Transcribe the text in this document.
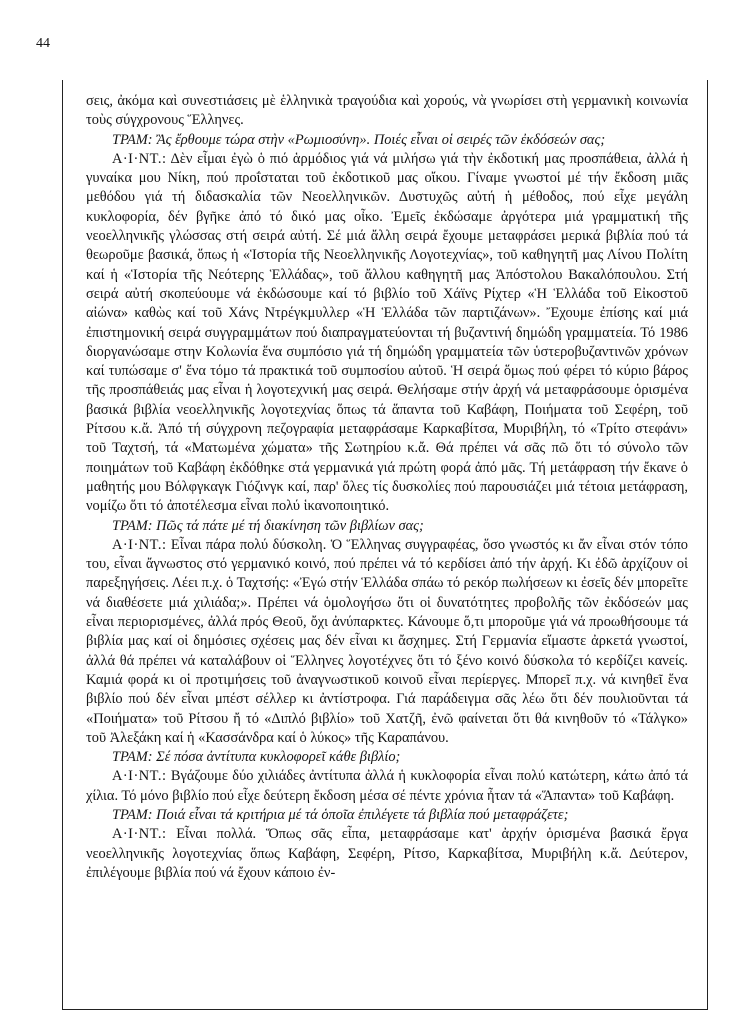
44

σεις, ἀκόμα καὶ συνεστιάσεις μὲ ἑλληνικὰ τραγούδια καὶ χορούς, νὰ γνωρίσει στὴ γερμανικὴ κοινωνία τοὺς σύγχρονους Ἕλληνες.

ΤΡΑΜ: Ἂς ἔρθουμε τώρα στὴν «Ρωμιοσύνη». Ποιές εἶναι οἱ σειρές τῶν ἐκδόσεών σας;

Α·Ι·ΝΤ.: Δὲν εἶμαι ἐγὼ ὁ πιό ἁρμόδιος γιά νά μιλήσω γιά τὴν ἐκδοτική μας προσπάθεια, ἀλλά ἡ γυναίκα μου Νίκη, πού προΐσταται τοῦ ἐκδοτικοῦ μας οἴκου. Γίναμε γνωστοί μέ τήν ἔκδοση μιᾶς μεθόδου γιά τή διδασκαλία τῶν Νεοελληνικῶν. Δυστυχῶς αὐτή ἡ μέθοδος, πού εἶχε μεγάλη κυκλοφορία, δέν βγῆκε ἀπό τό δικό μας οἶκο. Ἐμεῖς ἐκδώσαμε ἀργότερα μιά γραμματική τῆς νεοελληνικῆς γλώσσας στή σειρά αὐτή. Σέ μιά ἄλλη σειρά ἔχουμε μεταφράσει μερικά βιβλία πού τά θεωροῦμε βασικά, ὅπως ἡ «Ἱστορία τῆς Νεοελληνικῆς Λογοτεχνίας», τοῦ καθηγητῆ μας Λίνου Πολίτη καί ἡ «Ἱστορία τῆς Νεότερης Ἑλλάδας», τοῦ ἄλλου καθηγητῆ μας Ἀπόστολου Βακαλόπουλου. Στή σειρά αὐτή σκοπεύουμε νά ἐκδώσουμε καί τό βιβλίο τοῦ Χάϊνς Ρίχτερ «Ἡ Ἑλλάδα τοῦ Εἰκοστοῦ αἰώνα» καθὼς καί τοῦ Χάνς Ντρέγκμυλλερ «Ἡ Ἑλλάδα τῶν παρτιζάνων». Ἔχουμε ἐπίσης καί μιά ἐπιστημονική σειρά συγγραμμάτων πού διαπραγματεύονται τή βυζαντινή δημώδη γραμματεία. Τό 1986 διοργανώσαμε στην Κολωνία ἕνα συμπόσιο γιά τή δημώδη γραμματεία τῶν ὑστεροβυζαντινῶν χρόνων καί τυπώσαμε σ' ἕνα τόμο τά πρακτικά τοῦ συμποσίου αὐτοῦ. Ἡ σειρά ὅμως πού φέρει τό κύριο βάρος τῆς προσπάθειάς μας εἶναι ἡ λογοτεχνική μας σειρά. Θελήσαμε στήν ἀρχή νά μεταφράσουμε ὁρισμένα βασικά βιβλία νεοελληνικῆς λογοτεχνίας ὅπως τά ἅπαντα τοῦ Καβάφη, Ποιήματα τοῦ Σεφέρη, τοῦ Ρίτσου κ.ἄ. Ἀπό τή σύγχρονη πεζογραφία μεταφράσαμε Καρκαβίτσα, Μυριβήλη, τό «Τρίτο στεφάνι» τοῦ Ταχτσή, τά «Ματωμένα χώματα» τῆς Σωτηρίου κ.ἄ. Θά πρέπει νά σᾶς πῶ ὅτι τό σύνολο τῶν ποιημάτων τοῦ Καβάφη ἐκδόθηκε στά γερμανικά γιά πρώτη φορά ἀπό μᾶς. Τή μετάφραση τήν ἔκανε ὁ μαθητής μου Βόλφγκαγκ Γιόζινγκ καί, παρ' ὅλες τίς δυσκολίες πού παρουσιάζει μιά τέτοια μετάφραση, νομίζω ὅτι τό ἀποτέλεσμα εἶναι πολύ ἱκανοποιητικό.

ΤΡΑΜ: Πῶς τά πάτε μέ τή διακίνηση τῶν βιβλίων σας;

Α·Ι·ΝΤ.: Εἶναι πάρα πολύ δύσκολη. Ὁ Ἕλληνας συγγραφέας, ὅσο γνωστός κι ἄν εἶναι στόν τόπο του, εἶναι ἄγνωστος στό γερμανικό κοινό, πού πρέπει νά τό κερδίσει ἀπό τήν ἀρχή. Κι ἐδῶ ἀρχίζουν οἱ παρεξηγήσεις. Λέει π.χ. ὁ Ταχτσής: «Ἐγώ στήν Ἑλλάδα σπάω τό ρεκόρ πωλήσεων κι ἐσεῖς δέν μπορεῖτε νά διαθέσετε μιά χιλιάδα;». Πρέπει νά ὁμολογήσω ὅτι οἱ δυνατότητες προβολῆς τῶν ἐκδόσεών μας εἶναι περιορισμένες, ἀλλά πρός Θεοῦ, ὄχι ἀνύπαρκτες. Κάνουμε ὅ,τι μποροῦμε γιά νά προωθήσουμε τά βιβλία μας καί οἱ δημόσιες σχέσεις μας δέν εἶναι κι ἄσχημες. Στή Γερμανία εἴμαστε ἀρκετά γνωστοί, ἀλλά θά πρέπει νά καταλάβουν οἱ Ἕλληνες λογοτέχνες ὅτι τό ξένο κοινό δύσκολα τό κερδίζει κανείς. Καμιά φορά κι οἱ προτιμήσεις τοῦ ἀναγνωστικοῦ κοινοῦ εἶναι περίεργες. Μπορεῖ π.χ. νά κινηθεῖ ἕνα βιβλίο πού δέν εἶναι μπέστ σέλλερ κι ἀντίστροφα. Γιά παράδειγμα σᾶς λέω ὅτι δέν πουλιοῦνται τά «Ποιήματα» τοῦ Ρίτσου ἤ τό «Διπλό βιβλίο» τοῦ Χατζῆ, ἐνῶ φαίνεται ὅτι θά κινηθοῦν τό «Τάλγκο» τοῦ Ἀλεξάκη καί ἡ «Κασσάνδρα καί ὁ λύκος» τῆς Καραπάνου.

ΤΡΑΜ: Σέ πόσα ἀντίτυπα κυκλοφορεῖ κάθε βιβλίο;

Α·Ι·ΝΤ.: Βγάζουμε δύο χιλιάδες ἀντίτυπα ἀλλά ἡ κυκλοφορία εἶναι πολύ κατώτερη, κάτω ἀπό τά χίλια. Τό μόνο βιβλίο πού εἶχε δεύτερη ἔκδοση μέσα σέ πέντε χρόνια ἦταν τά «Ἅπαντα» τοῦ Καβάφη.

ΤΡΑΜ: Ποιά εἶναι τά κριτήρια μέ τά ὁποῖα ἐπιλέγετε τά βιβλία πού μεταφράζετε;

Α·Ι·ΝΤ.: Εἶναι πολλά. Ὅπως σᾶς εἶπα, μεταφράσαμε κατ' ἀρχήν ὁρισμένα βασικά ἔργα νεοελληνικῆς λογοτεχνίας ὅπως Καβάφη, Σεφέρη, Ρίτσο, Καρκαβίτσα, Μυριβήλη κ.ἄ. Δεύτερον, ἐπιλέγουμε βιβλία πού νά ἔχουν κάποιο ἐν-
